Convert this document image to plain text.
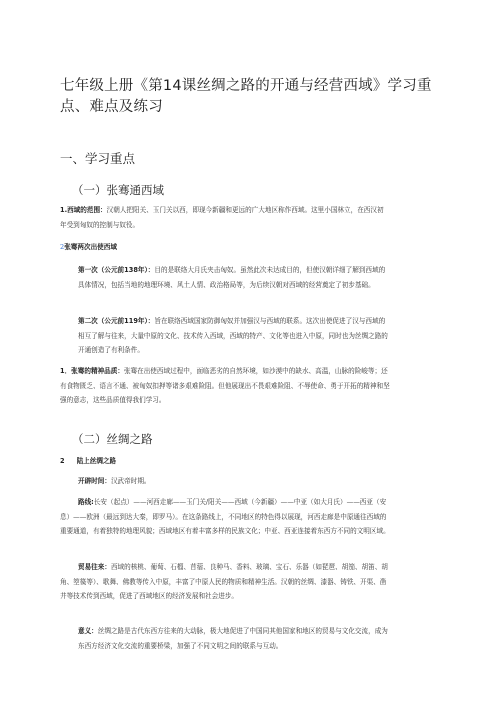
七年级上册《第14课丝绸之路的开通与经营西域》学习重点、难点及练习
一、学习重点
（一）张骞通西域
1.西域的范围：汉朝人把阳关、玉门关以西，即现今新疆和更远的广大地区称作西域。这里小国林立，在西汉初年受到匈奴的控制与奴役。
2张骞两次出使西域
第一次（公元前138年）：目的是联络大月氏夹击匈奴。虽然此次未达成目的，但使汉朝详细了解到西域的具体情况，包括当地的地理环境、风土人情、政治格局等，为后续汉朝对西域的经营奠定了初步基础。
第二次（公元前119年）：旨在联络西域国家防御匈奴并加强汉与西域的联系。这次出使促进了汉与西域的相互了解与往来，大量中原的文化、技术传入西域，西域的特产、文化等也进入中原，同时也为丝绸之路的开通创造了有利条件。
1．张骞的精神品质：张骞在出使西域过程中，面临恶劣的自然环境，如沙漠中的缺水、高温，山脉的险峻等；还有食物匮乏、语言不通、被匈奴扣押等诸多艰难险阻。但他展现出不畏艰难险阻、不辱使命、勇于开拓的精神和坚强的意志，这些品质值得我们学习。
（二）丝绸之路
2 陆上丝绸之路
开辟时间：汉武帝时期。
路线:长安（起点）——河西走廊——玉门关/阳关——西域（今新疆）——中亚（如大月氏）——西亚（安息）——欧洲（最远到达大秦，即罗马）。在这条路线上，不同地区的特色得以展现，河西走廊是中原通往西域的重要通道，有着独特的地理风貌；西域地区有着丰富多样的民族文化；中亚、西亚连接着东西方不同的文明区域。
贸易往来：西域的核桃、葡萄、石榴、苜蓿、良种马、香料、玻璃、宝石、乐器（如琵琶、胡笳、胡笛、胡角、箜篌等）、歌舞、佛教等传入中原，丰富了中原人民的物质和精神生活。汉朝的丝绸、漆器、铸铁、开渠、凿井等技术传到西域，促进了西域地区的经济发展和社会进步。
意义：丝绸之路是古代东西方往来的大动脉，极大地促进了中国同其他国家和地区的贸易与文化交流，成为东西方经济文化交流的重要桥梁，加强了不同文明之间的联系与互动。
